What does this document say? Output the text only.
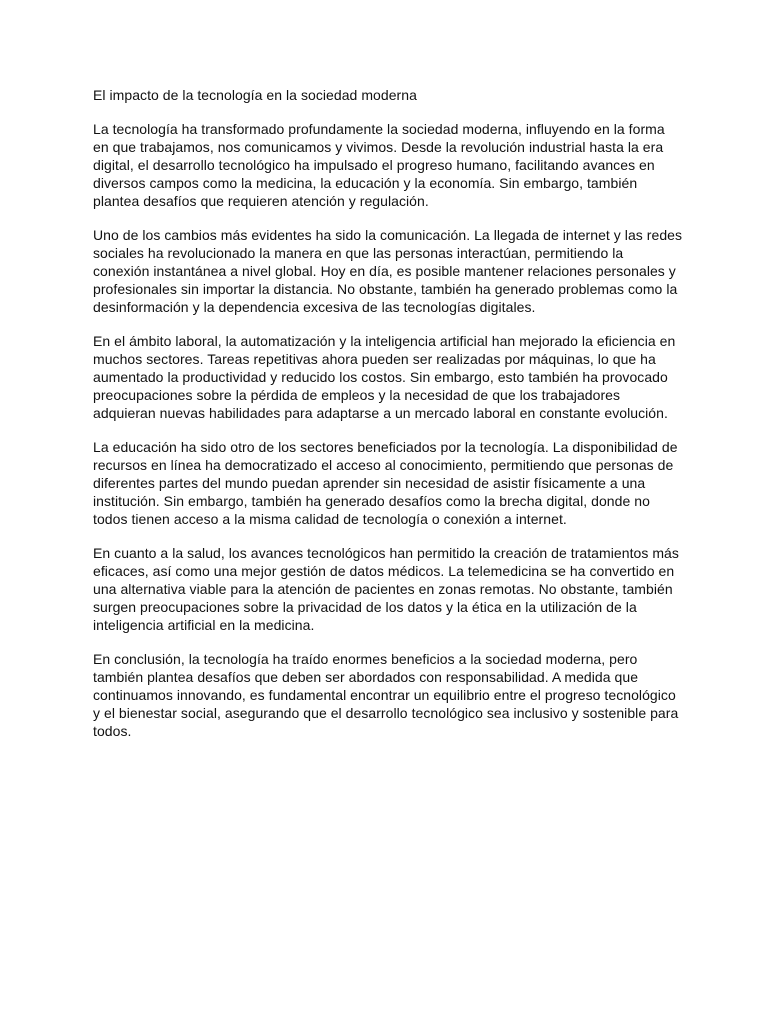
El impacto de la tecnología en la sociedad moderna

La tecnología ha transformado profundamente la sociedad moderna, influyendo en la forma en que trabajamos, nos comunicamos y vivimos. Desde la revolución industrial hasta la era digital, el desarrollo tecnológico ha impulsado el progreso humano, facilitando avances en diversos campos como la medicina, la educación y la economía. Sin embargo, también plantea desafíos que requieren atención y regulación.

Uno de los cambios más evidentes ha sido la comunicación. La llegada de internet y las redes sociales ha revolucionado la manera en que las personas interactúan, permitiendo la conexión instantánea a nivel global. Hoy en día, es posible mantener relaciones personales y profesionales sin importar la distancia. No obstante, también ha generado problemas como la desinformación y la dependencia excesiva de las tecnologías digitales.

En el ámbito laboral, la automatización y la inteligencia artificial han mejorado la eficiencia en muchos sectores. Tareas repetitivas ahora pueden ser realizadas por máquinas, lo que ha aumentado la productividad y reducido los costos. Sin embargo, esto también ha provocado preocupaciones sobre la pérdida de empleos y la necesidad de que los trabajadores adquieran nuevas habilidades para adaptarse a un mercado laboral en constante evolución.

La educación ha sido otro de los sectores beneficiados por la tecnología. La disponibilidad de recursos en línea ha democratizado el acceso al conocimiento, permitiendo que personas de diferentes partes del mundo puedan aprender sin necesidad de asistir físicamente a una institución. Sin embargo, también ha generado desafíos como la brecha digital, donde no todos tienen acceso a la misma calidad de tecnología o conexión a internet.

En cuanto a la salud, los avances tecnológicos han permitido la creación de tratamientos más eficaces, así como una mejor gestión de datos médicos. La telemedicina se ha convertido en una alternativa viable para la atención de pacientes en zonas remotas. No obstante, también surgen preocupaciones sobre la privacidad de los datos y la ética en la utilización de la inteligencia artificial en la medicina.

En conclusión, la tecnología ha traído enormes beneficios a la sociedad moderna, pero también plantea desafíos que deben ser abordados con responsabilidad. A medida que continuamos innovando, es fundamental encontrar un equilibrio entre el progreso tecnológico y el bienestar social, asegurando que el desarrollo tecnológico sea inclusivo y sostenible para todos.
